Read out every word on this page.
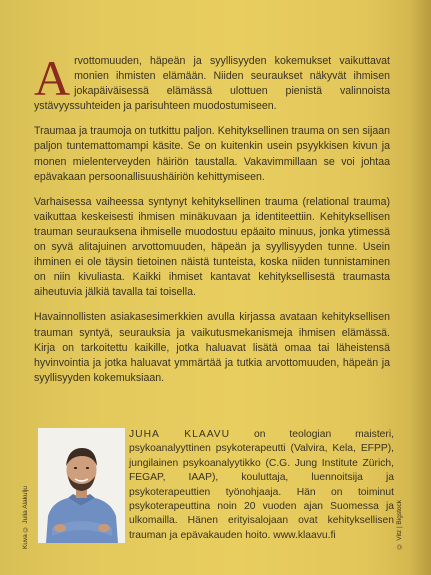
Arvottomuuden, häpeän ja syyllisyyden kokemukset vaikuttavat monien ihmisten elämään. Niiden seuraukset näkyvät ihmisen jokapäiväisessä elämässä ulottuen pienistä valinnoista ystävyyssuhteiden ja parisuhteen muodostumiseen.

Traumaa ja traumoja on tutkittu paljon. Kehityksellinen trauma on sen sijaan paljon tuntemattomampi käsite. Se on kuitenkin usein psyykkisen kivun ja monen mielenterveyden häiriön taustalla. Vakavimmillaan se voi johtaa epävakaan persoonallisuushäiriön kehittymiseen.

Varhaisessa vaiheessa syntynyt kehityksellinen trauma (relational trauma) vaikuttaa keskeisesti ihmisen minäkuvaan ja identiteettiin. Kehityksellisen trauman seurauksena ihmiselle muodostuu epäaito minuus, jonka ytimessä on syvä alitajuinen arvottomuuden, häpeän ja syyllisyyden tunne. Usein ihminen ei ole täysin tietoinen näistä tunteista, koska niiden tunnistaminen on niin kivuliasta. Kaikki ihmiset kantavat kehityksellisestä traumasta aiheutuvia jälkiä tavalla tai toisella.

Havainnollisten asiakasesimerkkien avulla kirjassa avataan kehityksellisen trauman syntyä, seurauksia ja vaikutusmekanismeja ihmisen elämässä. Kirja on tarkoitettu kaikille, jotka haluavat lisätä omaa tai läheistensä hyvinvointia ja jotka haluavat ymmärtää ja tutkia arvottomuuden, häpeän ja syyllisyyden kokemuksiaan.

Kuva © Julia Alakulju
JUHA KLAAVU on teologian maisteri, psykoanalyyttinen psykoterapeutti (Valvira, Kela, EFPP), jungilainen psykoanalyytikko (C.G. Jung Institute Zürich, FEGAP, IAAP), kouluttaja, luennoitsija ja psykoterapeuttien työnohjaaja. Hän on toiminut psykoterapeuttina noin 20 vuoden ajan Suomessa ja ulkomailla. Hänen erityisalojaan ovat kehityksellisen trauman ja epävakauden hoito. www.klaavu.fi	© Vitz | Bigstock
